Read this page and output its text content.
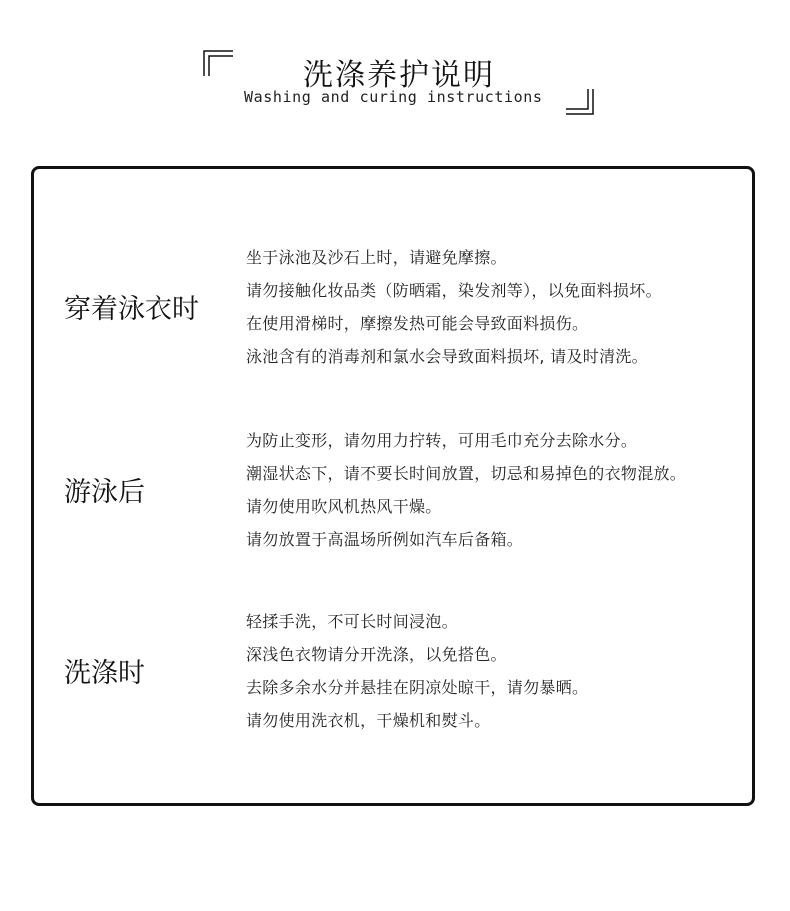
洗涤养护说明
Washing and curing instructions
穿着泳衣时
坐于泳池及沙石上时，请避免摩擦。
请勿接触化妆品类（防晒霜，染发剂等），以免面料损坏。
在使用滑梯时，摩擦发热可能会导致面料损伤。
泳池含有的消毒剂和氯水会导致面料损坏, 请及时清洗。
游泳后
为防止变形，请勿用力拧转，可用毛巾充分去除水分。
潮湿状态下，请不要长时间放置，切忌和易掉色的衣物混放。
请勿使用吹风机热风干燥。
请勿放置于高温场所例如汽车后备箱。
洗涤时
轻揉手洗，不可长时间浸泡。
深浅色衣物请分开洗涤，以免搭色。
去除多余水分并悬挂在阴凉处晾干，请勿暴晒。
请勿使用洗衣机，干燥机和熨斗。
